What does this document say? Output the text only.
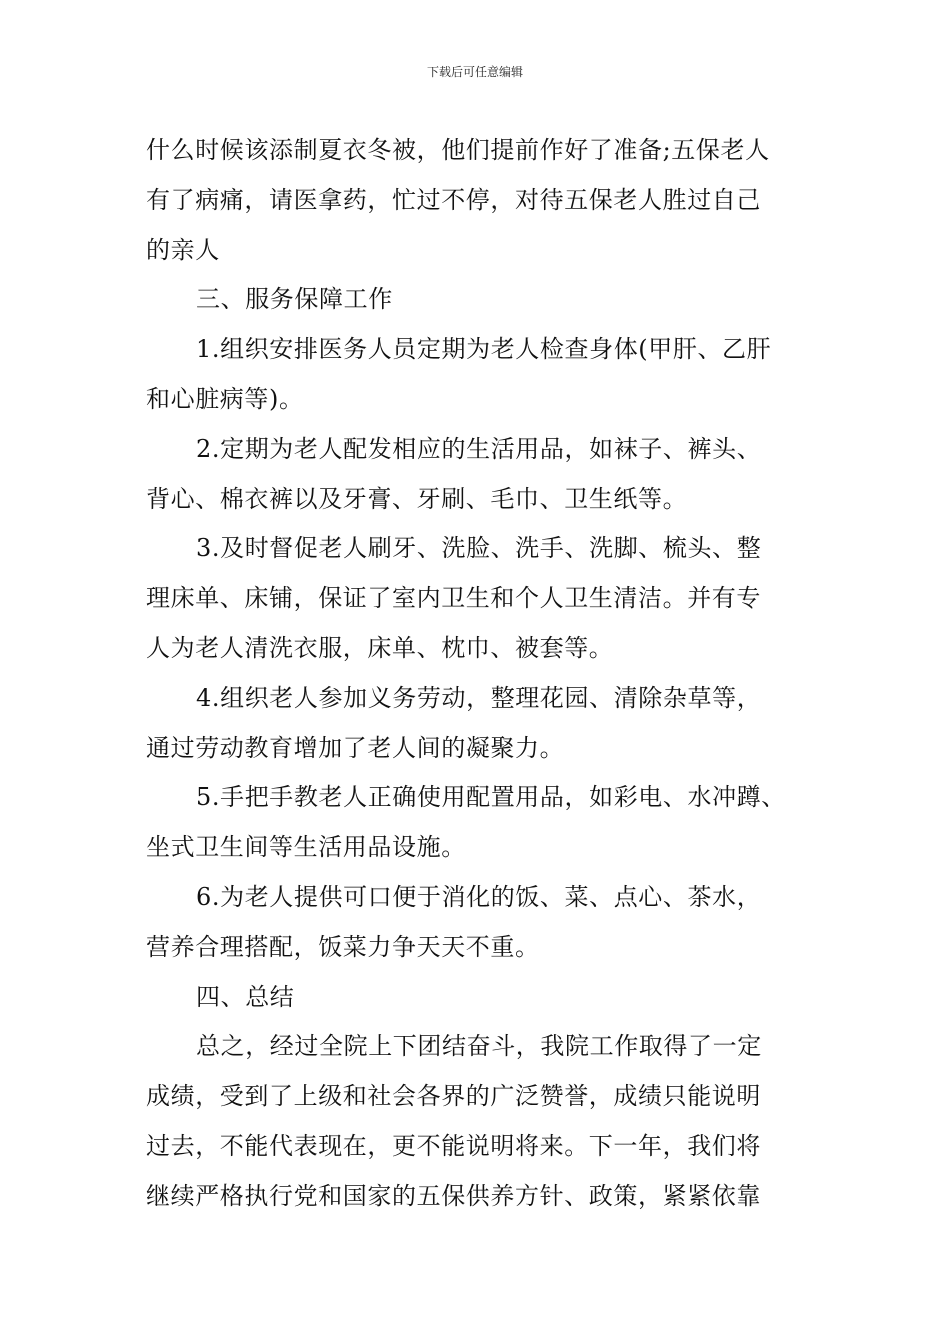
下载后可任意编辑
什么时候该添制夏衣冬被，他们提前作好了准备;五保老人
有了病痛，请医拿药，忙过不停，对待五保老人胜过自己
的亲人
三、服务保障工作
1.组织安排医务人员定期为老人检查身体(甲肝、乙肝
和心脏病等)。
2.定期为老人配发相应的生活用品，如袜子、裤头、
背心、棉衣裤以及牙膏、牙刷、毛巾、卫生纸等。
3.及时督促老人刷牙、洗脸、洗手、洗脚、梳头、整
理床单、床铺，保证了室内卫生和个人卫生清洁。并有专
人为老人清洗衣服，床单、枕巾、被套等。
4.组织老人参加义务劳动，整理花园、清除杂草等，
通过劳动教育增加了老人间的凝聚力。
5.手把手教老人正确使用配置用品，如彩电、水冲蹲、
坐式卫生间等生活用品设施。
6.为老人提供可口便于消化的饭、菜、点心、茶水，
营养合理搭配，饭菜力争天天不重。
四、总结
总之，经过全院上下团结奋斗，我院工作取得了一定
成绩，受到了上级和社会各界的广泛赞誉，成绩只能说明
过去，不能代表现在，更不能说明将来。下一年，我们将
继续严格执行党和国家的五保供养方针、政策，紧紧依靠
